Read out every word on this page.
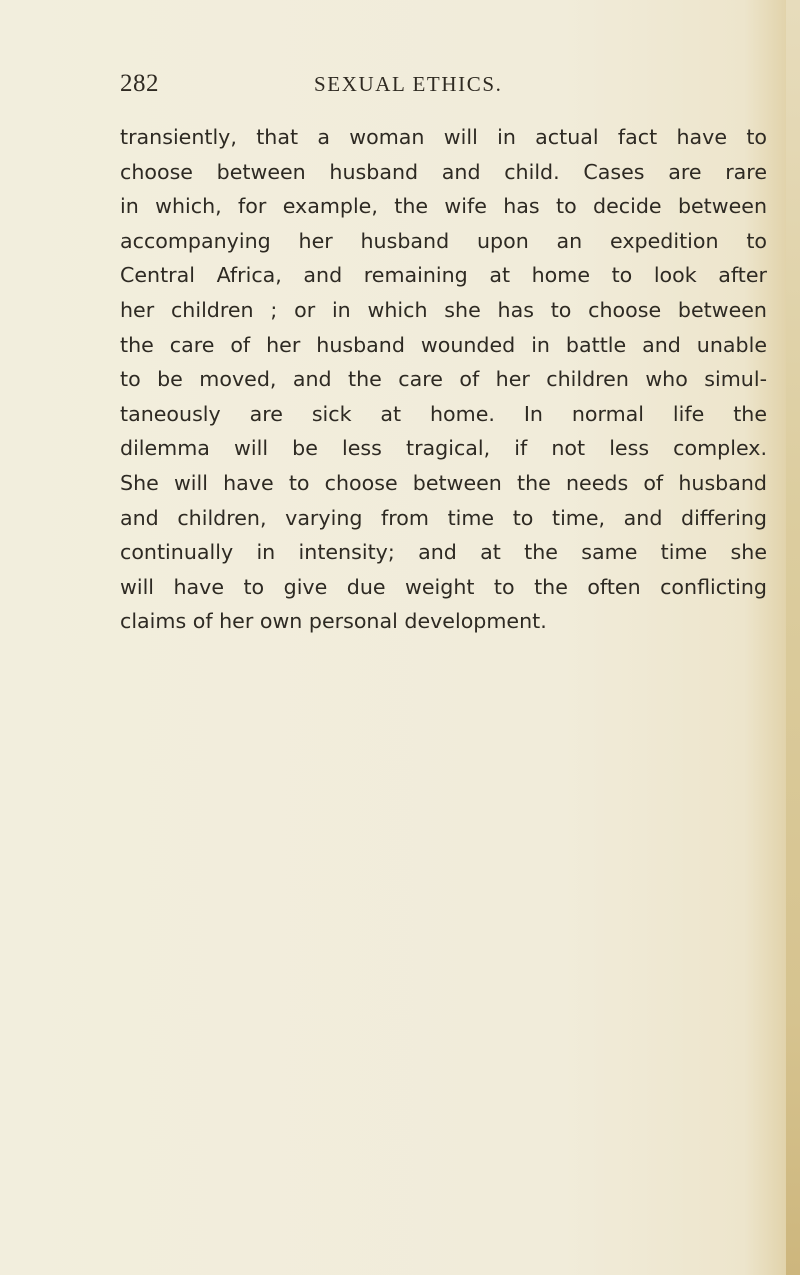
282	SEXUAL ETHICS.
transiently, that a woman will in actual fact have to
choose between husband and child. Cases are rare
in which, for example, the wife has to decide between
accompanying her husband upon an expedition to
Central Africa, and remaining at home to look after
her children ; or in which she has to choose between
the care of her husband wounded in battle and unable
to be moved, and the care of her children who simul-
taneously are sick at home. In normal life the
dilemma will be less tragical, if not less complex.
She will have to choose between the needs of husband
and children, varying from time to time, and differing
continually in intensity; and at the same time she
will have to give due weight to the often conflicting
claims of her own personal development.
